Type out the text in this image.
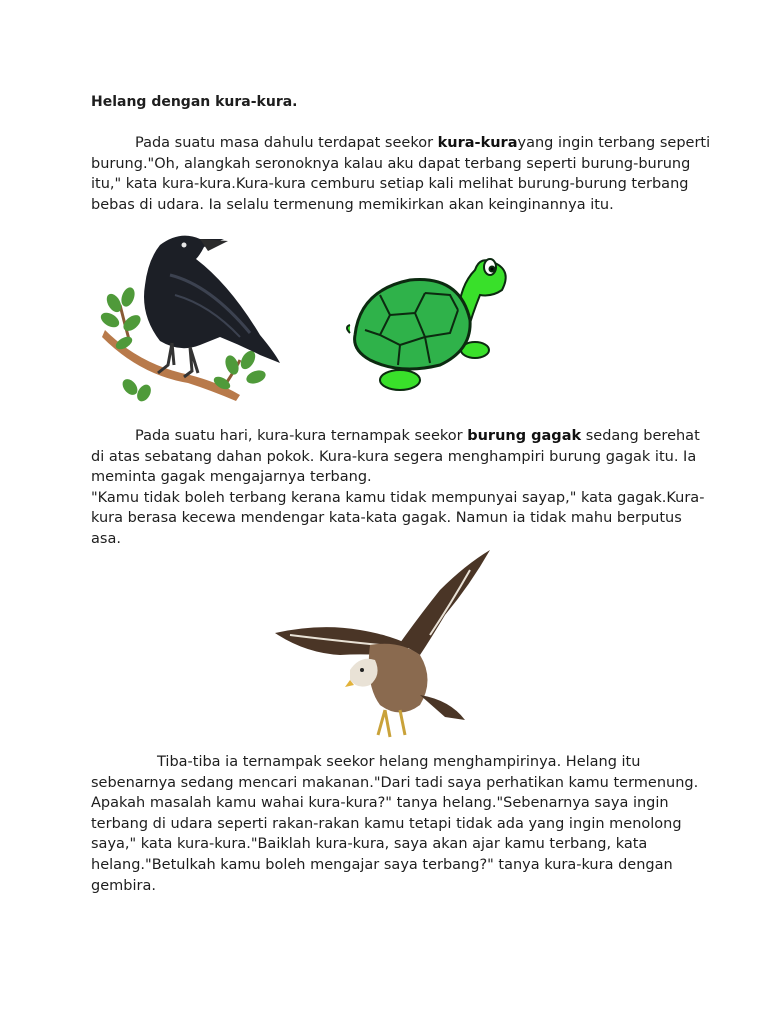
Helang dengan kura-kura.

Pada suatu masa dahulu terdapat seekor kura-kurayang ingin terbang seperti
burung."Oh, alangkah seronoknya kalau aku dapat terbang seperti burung-burung
itu," kata kura-kura.Kura-kura cemburu setiap kali melihat burung-burung terbang
bebas di udara. Ia selalu termenung memikirkan akan keinginannya itu.

Pada suatu hari, kura-kura ternampak seekor burung gagak sedang berehat
di atas sebatang dahan pokok. Kura-kura segera menghampiri burung gagak itu. Ia
meminta gagak mengajarnya terbang.
"Kamu tidak boleh terbang kerana kamu tidak mempunyai sayap," kata gagak.Kura-
kura berasa kecewa mendengar kata-kata gagak. Namun ia tidak mahu berputus
asa.

Tiba-tiba ia ternampak seekor helang menghampirinya. Helang itu
sebenarnya sedang mencari makanan."Dari tadi saya perhatikan kamu termenung.
Apakah masalah kamu wahai kura-kura?" tanya helang."Sebenarnya saya ingin
terbang di udara seperti rakan-rakan kamu tetapi tidak ada yang ingin menolong
saya," kata kura-kura."Baiklah kura-kura, saya akan ajar kamu terbang, kata
helang."Betulkah kamu boleh mengajar saya terbang?" tanya kura-kura dengan
gembira.
